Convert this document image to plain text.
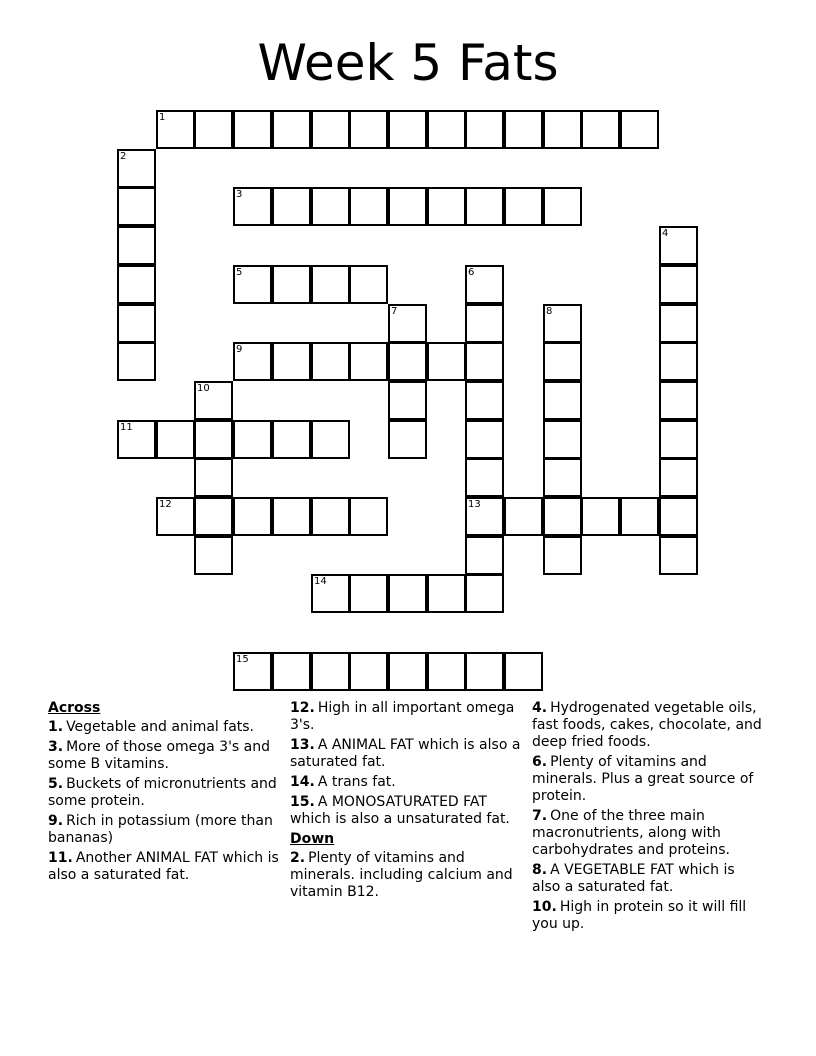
Week 5 Fats
1
2
3
4
5	6
13
7	8
9
10
11
12
14
15
Across
1. Vegetable and animal fats.
3. More of those omega 3's and some B vitamins.
5. Buckets of micronutrients and some protein.
9. Rich in potassium (more than bananas)
11. Another ANIMAL FAT which is also a saturated fat.
12. High in all important omega 3's.
13. A ANIMAL FAT which is also a saturated fat.
14. A trans fat.
15. A MONOSATURATED FAT which is also a unsaturated fat.
Down
2. Plenty of vitamins and minerals. including calcium and vitamin B12.
4. Hydrogenated vegetable oils, fast foods, cakes, chocolate, and deep fried foods.
6. Plenty of vitamins and minerals. Plus a great source of protein.
7. One of the three main macronutrients, along with carbohydrates and proteins.
8. A VEGETABLE FAT which is also a saturated fat.
10. High in protein so it will fill you up.
